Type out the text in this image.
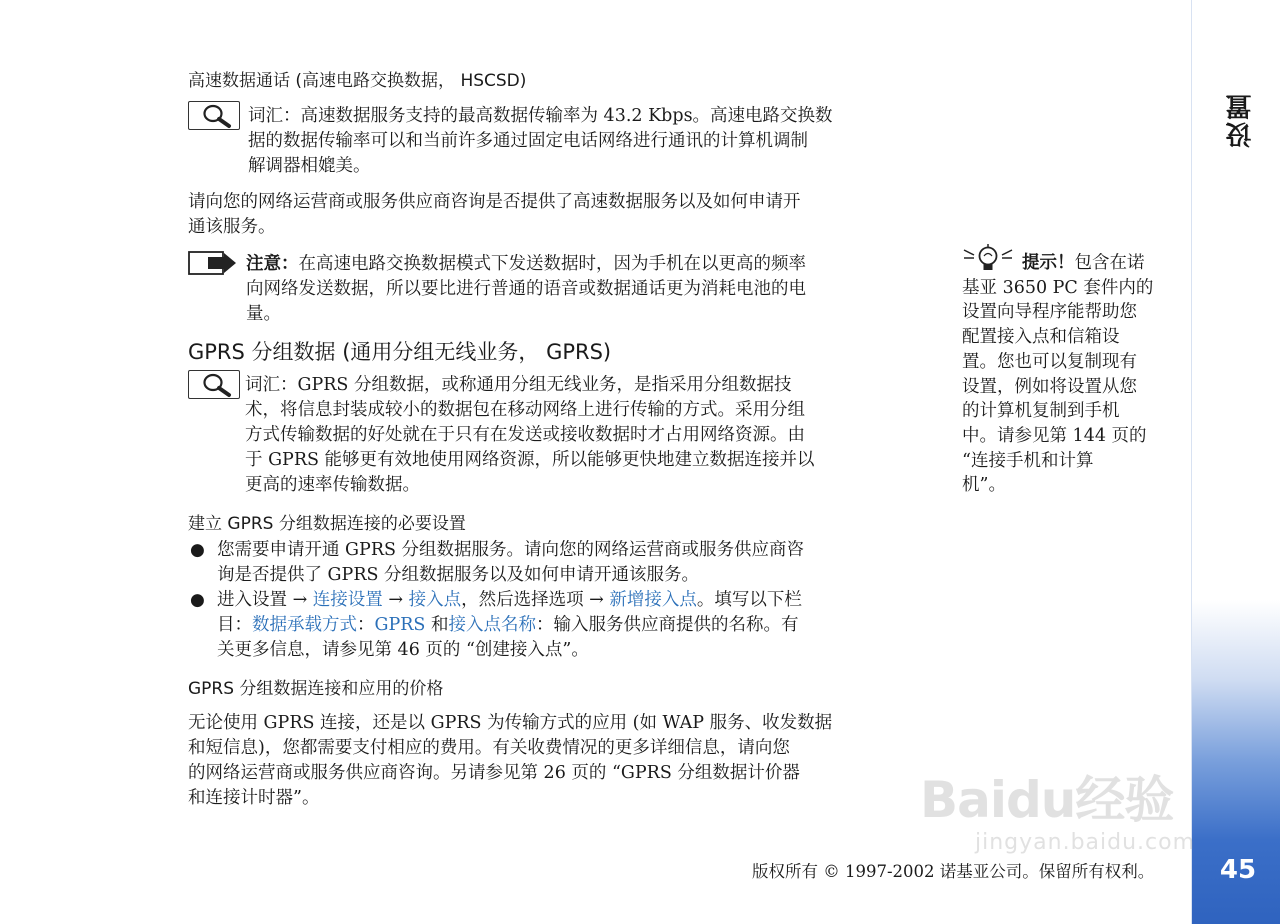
设置
45
高速数据通话 (高速电路交换数据， HSCSD)
词汇：高速数据服务支持的最高数据传输率为 43.2 Kbps。高速电路交换数
据的数据传输率可以和当前许多通过固定电话网络进行通讯的计算机调制
解调器相媲美。
请向您的网络运营商或服务供应商咨询是否提供了高速数据服务以及如何申请开
通该服务。
注意：在高速电路交换数据模式下发送数据时，因为手机在以更高的频率
向网络发送数据，所以要比进行普通的语音或数据通话更为消耗电池的电
量。
GPRS 分组数据 (通用分组无线业务， GPRS)
词汇：GPRS 分组数据，或称通用分组无线业务，是指采用分组数据技
术，将信息封装成较小的数据包在移动网络上进行传输的方式。采用分组
方式传输数据的好处就在于只有在发送或接收数据时才占用网络资源。由
于 GPRS 能够更有效地使用网络资源，所以能够更快地建立数据连接并以
更高的速率传输数据。
建立 GPRS 分组数据连接的必要设置
● 您需要申请开通 GPRS 分组数据服务。请向您的网络运营商或服务供应商咨
询是否提供了 GPRS 分组数据服务以及如何申请开通该服务。
● 进入设置 → 连接设置 → 接入点，然后选择选项 → 新增接入点。填写以下栏
目：数据承载方式：GPRS 和接入点名称：输入服务供应商提供的名称。有
关更多信息，请参见第 46 页的 “创建接入点”。
GPRS 分组数据连接和应用的价格
无论使用 GPRS 连接，还是以 GPRS 为传输方式的应用 (如 WAP 服务、收发数据
和短信息)，您都需要支付相应的费用。有关收费情况的更多详细信息，请向您
的网络运营商或服务供应商咨询。另请参见第 26 页的 “GPRS 分组数据计价器
和连接计时器”。
提示！包含在诺
基亚 3650 PC 套件内的
设置向导程序能帮助您
配置接入点和信箱设
置。您也可以复制现有
设置，例如将设置从您
的计算机复制到手机
中。请参见第 144 页的
“连接手机和计算
机”。
Baidu经验
jingyan.baidu.com
版权所有 © 1997-2002 诺基亚公司。保留所有权利。
